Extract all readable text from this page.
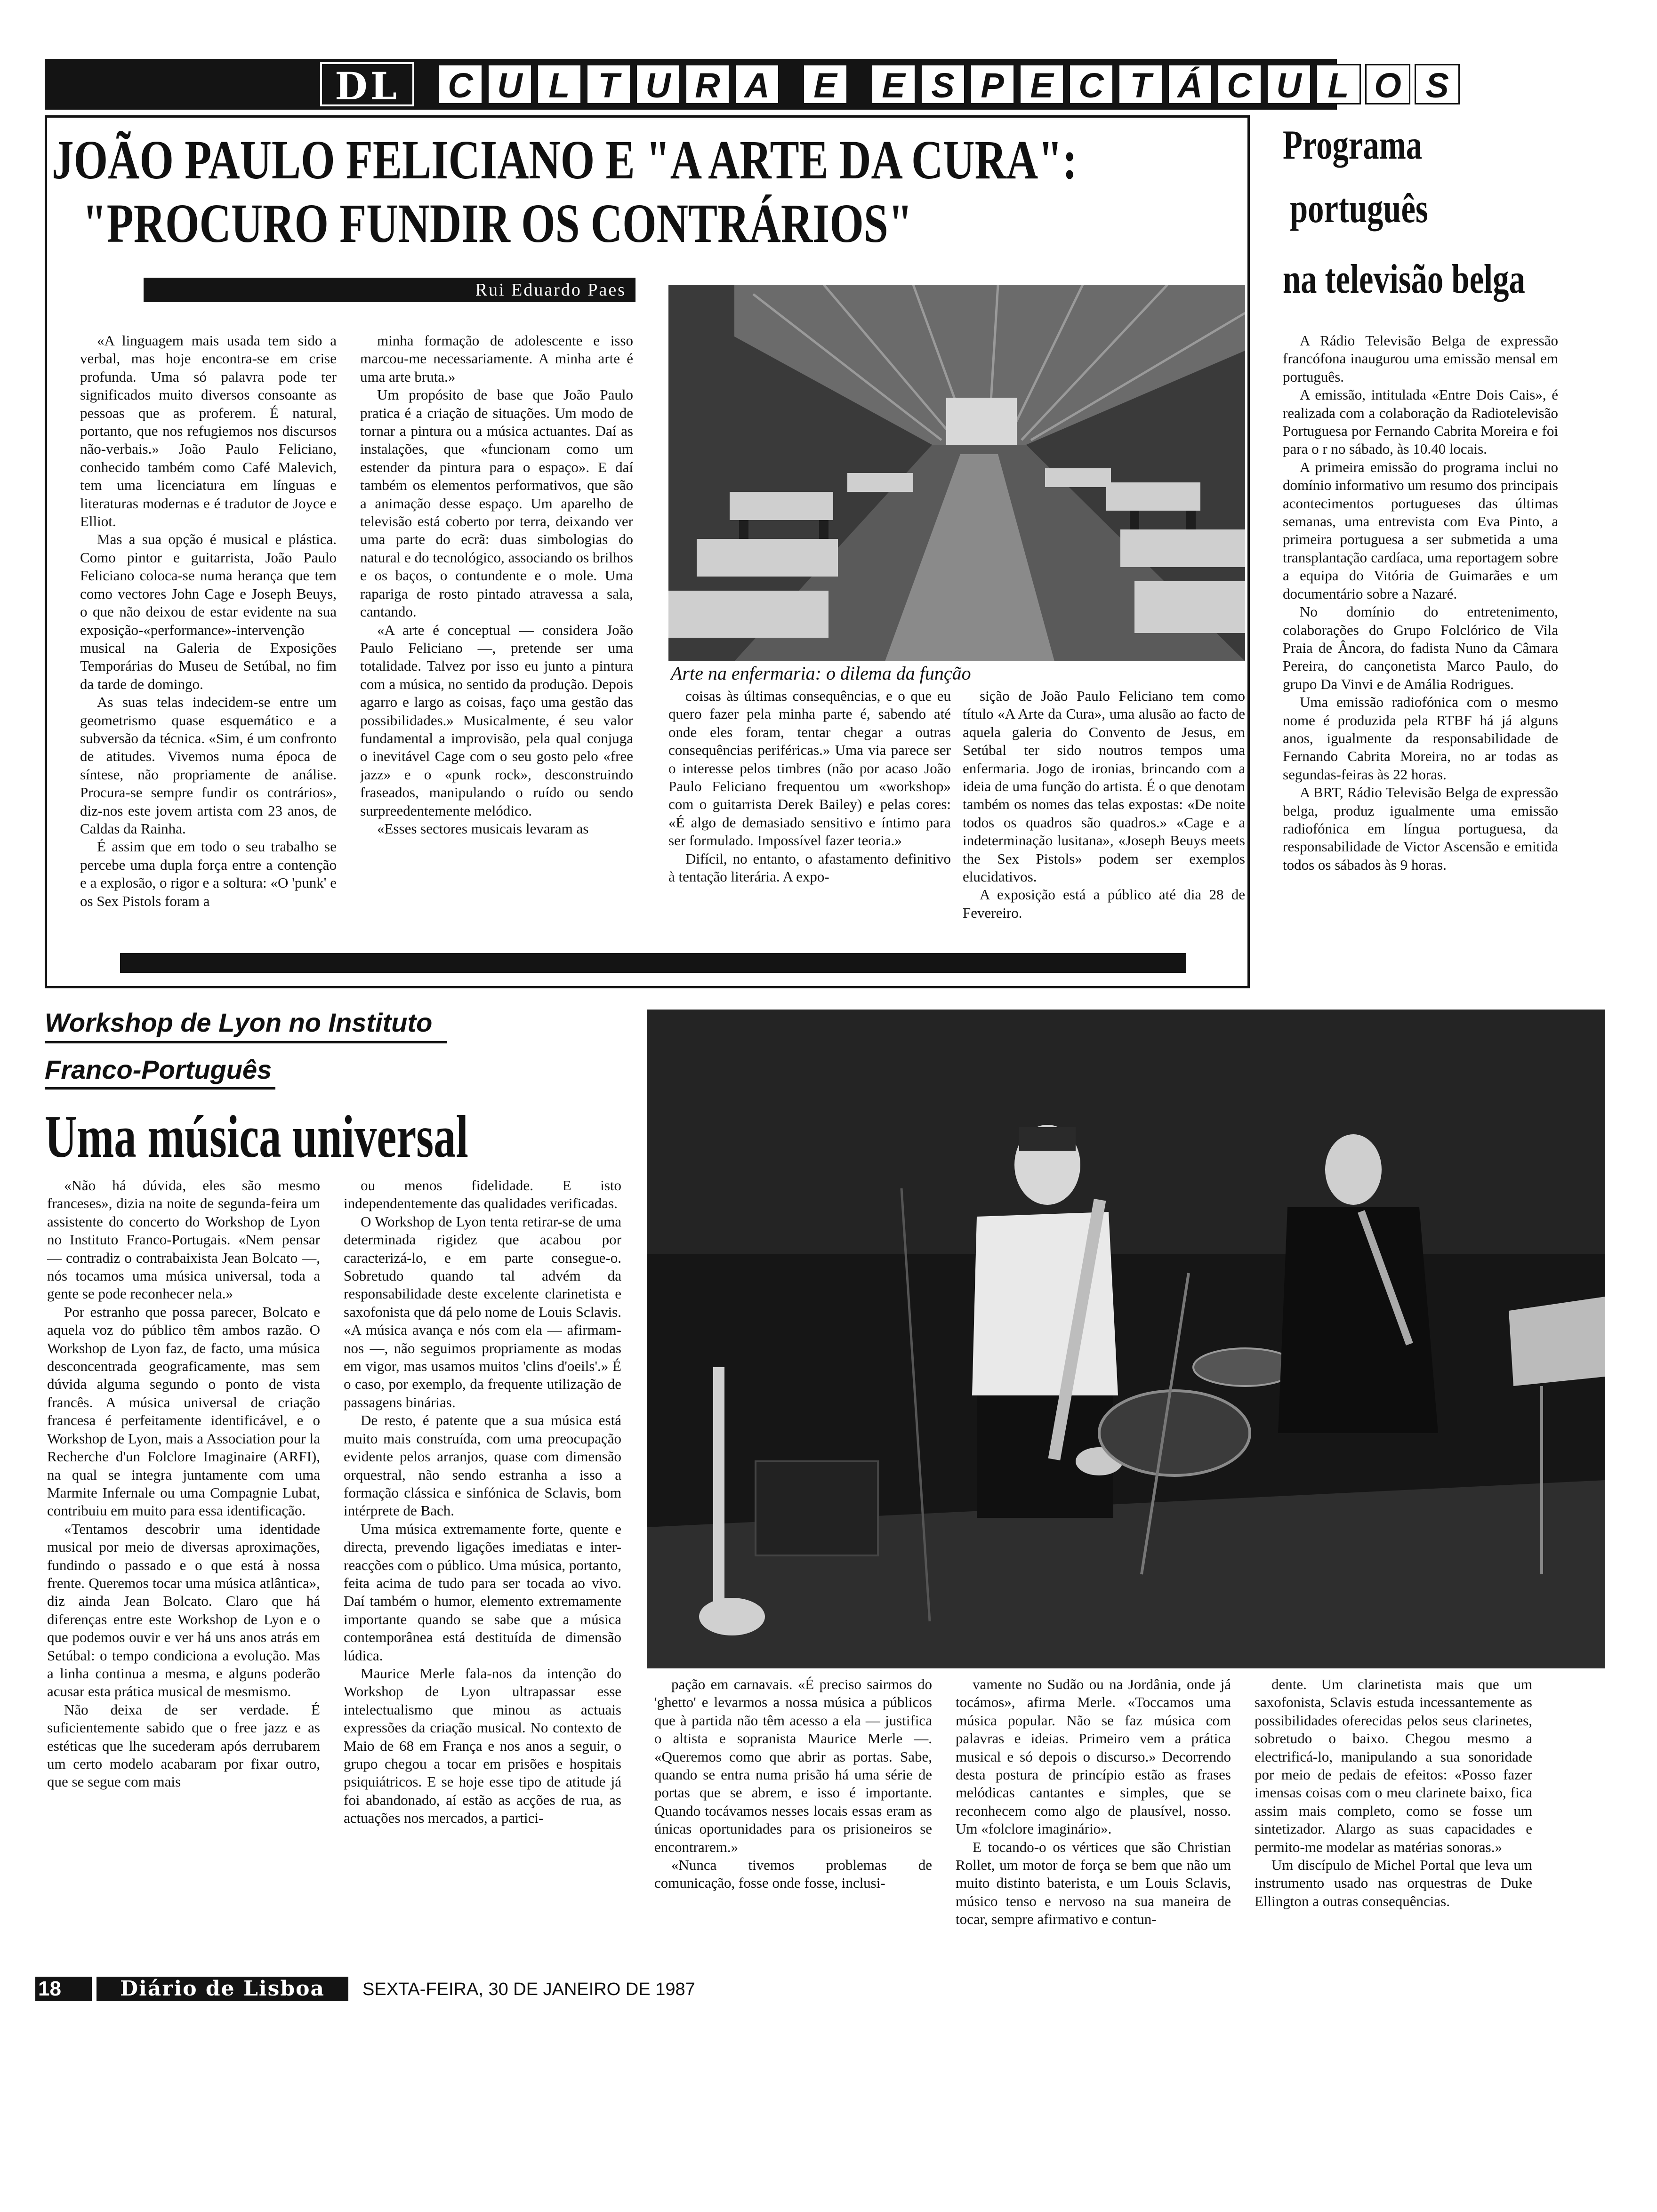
DL	C U L T U R A	E	E S P E C T Á C U L O S
JOÃO PAULO FELICIANO E "A ARTE DA CURA":
"PROCURO FUNDIR OS CONTRÁRIOS"
Rui Eduardo Paes

«A linguagem mais usada tem sido a verbal, mas hoje encontra-se em crise profunda. Uma só palavra pode ter significados muito diversos consoante as pessoas que as proferem. É natural, portanto, que nos refugiemos nos discursos não-verbais.» João Paulo Feliciano, conhecido também como Café Malevich, tem uma licenciatura em línguas e literaturas modernas e é tradutor de Joyce e Elliot.

Mas a sua opção é musical e plástica. Como pintor e guitarrista, João Paulo Feliciano coloca-se numa herança que tem como vectores John Cage e Joseph Beuys, o que não deixou de estar evidente na sua exposição-«performance»-intervenção musical na Galeria de Exposições Temporárias do Museu de Setúbal, no fim da tarde de domingo.

As suas telas indecidem-se entre um geometrismo quase esquemático e a subversão da técnica. «Sim, é um confronto de atitudes. Vivemos numa época de síntese, não propriamente de análise. Procura-se sempre fundir os contrários», diz-nos este jovem artista com 23 anos, de Caldas da Rainha.

É assim que em todo o seu trabalho se percebe uma dupla força entre a contenção e a explosão, o rigor e a soltura: «O 'punk' e os Sex Pistols foram a

minha formação de adolescente e isso marcou-me necessariamente. A minha arte é uma arte bruta.»

Um propósito de base que João Paulo pratica é a criação de situações. Um modo de tornar a pintura ou a música actuantes. Daí as instalações, que «funcionam como um estender da pintura para o espaço». E daí também os elementos performativos, que são a animação desse espaço. Um aparelho de televisão está coberto por terra, deixando ver uma parte do ecrã: duas simbologias do natural e do tecnológico, associando os brilhos e os baços, o contundente e o mole. Uma rapariga de rosto pintado atravessa a sala, cantando.

«A arte é conceptual — considera João Paulo Feliciano —, pretende ser uma totalidade. Talvez por isso eu junto a pintura com a música, no sentido da produção. Depois agarro e largo as coisas, faço uma gestão das possibilidades.» Musicalmente, é seu valor fundamental a improvisão, pela qual conjuga o inevitável Cage com o seu gosto pelo «free jazz» e o «punk rock», desconstruindo fraseados, manipulando o ruído ou sendo surpreedentemente melódico.

«Esses sectores musicais levaram as

Arte na enfermaria: o dilema da função

coisas às últimas consequências, e o que eu quero fazer pela minha parte é, sabendo até onde eles foram, tentar chegar a outras consequências periféricas.» Uma via parece ser o interesse pelos timbres (não por acaso João Paulo Feliciano frequentou um «workshop» com o guitarrista Derek Bailey) e pelas cores: «É algo de demasiado sensitivo e íntimo para ser formulado. Impossível fazer teoria.»

Difícil, no entanto, o afastamento definitivo à tentação literária. A expo-

sição de João Paulo Feliciano tem como título «A Arte da Cura», uma alusão ao facto de aquela galeria do Convento de Jesus, em Setúbal ter sido noutros tempos uma enfermaria. Jogo de ironias, brincando com a ideia de uma função do artista. É o que denotam também os nomes das telas expostas: «De noite todos os quadros são quadros.» «Cage e a indeterminação lusitana», «Joseph Beuys meets the Sex Pistols» podem ser exemplos elucidativos.

A exposição está a público até dia 28 de Fevereiro.

Programa
português
na televisão belga

A Rádio Televisão Belga de expressão francófona inaugurou uma emissão mensal em português.

A emissão, intitulada «Entre Dois Cais», é realizada com a colaboração da Radiotelevisão Portuguesa por Fernando Cabrita Moreira e foi para o r no sábado, às 10.40 locais.

A primeira emissão do programa inclui no domínio informativo um resumo dos principais acontecimentos portugueses das últimas semanas, uma entrevista com Eva Pinto, a primeira portuguesa a ser submetida a uma transplantação cardíaca, uma reportagem sobre a equipa do Vitória de Guimarães e um documentário sobre a Nazaré.

No domínio do entretenimento, colaborações do Grupo Folclórico de Vila Praia de Âncora, do fadista Nuno da Câmara Pereira, do cançonetista Marco Paulo, do grupo Da Vinvi e de Amália Rodrigues.

Uma emissão radiofónica com o mesmo nome é produzida pela RTBF há já alguns anos, igualmente da responsabilidade de Fernando Cabrita Moreira, no ar todas as segundas-feiras às 22 horas.

A BRT, Rádio Televisão Belga de expressão belga, produz igualmente uma emissão radiofónica em língua portuguesa, da responsabilidade de Victor Ascensão e emitida todos os sábados às 9 horas.

Workshop de Lyon no Instituto
Franco-Português
Uma música universal

«Não há dúvida, eles são mesmo franceses», dizia na noite de segunda-feira um assistente do concerto do Workshop de Lyon no Instituto Franco-Portugais. «Nem pensar — contradiz o contrabaixista Jean Bolcato —, nós tocamos uma música universal, toda a gente se pode reconhecer nela.»

Por estranho que possa parecer, Bolcato e aquela voz do público têm ambos razão. O Workshop de Lyon faz, de facto, uma música desconcentrada geograficamente, mas sem dúvida alguma segundo o ponto de vista francês. A música universal de criação francesa é perfeitamente identificável, e o Workshop de Lyon, mais a Association pour la Recherche d'un Folclore Imaginaire (ARFI), na qual se integra juntamente com uma Marmite Infernale ou uma Compagnie Lubat, contribuiu em muito para essa identificação.

«Tentamos descobrir uma identidade musical por meio de diversas aproximações, fundindo o passado e o que está à nossa frente. Queremos tocar uma música atlântica», diz ainda Jean Bolcato. Claro que há diferenças entre este Workshop de Lyon e o que podemos ouvir e ver há uns anos atrás em Setúbal: o tempo condiciona a evolução. Mas a linha continua a mesma, e alguns poderão acusar esta prática musical de mesmismo.

Não deixa de ser verdade. É suficientemente sabido que o free jazz e as estéticas que lhe sucederam após derrubarem um certo modelo acabaram por fixar outro, que se segue com mais

ou menos fidelidade. E isto independentemente das qualidades verificadas.

O Workshop de Lyon tenta retirar-se de uma determinada rigidez que acabou por caracterizá-lo, e em parte consegue-o. Sobretudo quando tal advém da responsabilidade deste excelente clarinetista e saxofonista que dá pelo nome de Louis Sclavis. «A música avança e nós com ela — afirmam-nos —, não seguimos propriamente as modas em vigor, mas usamos muitos 'clins d'oeils'.» É o caso, por exemplo, da frequente utilização de passagens binárias.

De resto, é patente que a sua música está muito mais construída, com uma preocupação evidente pelos arranjos, quase com dimensão orquestral, não sendo estranha a isso a formação clássica e sinfónica de Sclavis, bom intérprete de Bach.

Uma música extremamente forte, quente e directa, prevendo ligações imediatas e inter-reacções com o público. Uma música, portanto, feita acima de tudo para ser tocada ao vivo. Daí também o humor, elemento extremamente importante quando se sabe que a música contemporânea está destituída de dimensão lúdica.

Maurice Merle fala-nos da intenção do Workshop de Lyon ultrapassar esse intelectualismo que minou as actuais expressões da criação musical. No contexto de Maio de 68 em França e nos anos a seguir, o grupo chegou a tocar em prisões e hospitais psiquiátricos. E se hoje esse tipo de atitude já foi abandonado, aí estão as acções de rua, as actuações nos mercados, a partici-

pação em carnavais. «É preciso sairmos do 'ghetto' e levarmos a nossa música a públicos que à partida não têm acesso a ela — justifica o altista e sopranista Maurice Merle —. «Queremos como que abrir as portas. Sabe, quando se entra numa prisão há uma série de portas que se abrem, e isso é importante. Quando tocávamos nesses locais essas eram as únicas oportunidades para os prisioneiros se encontrarem.»

«Nunca tivemos problemas de comunicação, fosse onde fosse, inclusi-

vamente no Sudão ou na Jordânia, onde já tocámos», afirma Merle. «Toccamos uma música popular. Não se faz música com palavras e ideias. Primeiro vem a prática musical e só depois o discurso.» Decorrendo desta postura de princípio estão as frases melódicas cantantes e simples, que se reconhecem como algo de plausível, nosso. Um «folclore imaginário».

E tocando-o os vértices que são Christian Rollet, um motor de força se bem que não um muito distinto baterista, e um Louis Sclavis, músico tenso e nervoso na sua maneira de tocar, sempre afirmativo e contun-

dente. Um clarinetista mais que um saxofonista, Sclavis estuda incessantemente as possibilidades oferecidas pelos seus clarinetes, sobretudo o baixo. Chegou mesmo a electrificá-lo, manipulando a sua sonoridade por meio de pedais de efeitos: «Posso fazer imensas coisas com o meu clarinete baixo, fica assim mais completo, como se fosse um sintetizador. Alargo as suas capacidades e permito-me modelar as matérias sonoras.»

Um discípulo de Michel Portal que leva um instrumento usado nas orquestras de Duke Ellington a outras consequências.

18	Diário de Lisboa	SEXTA-FEIRA, 30 DE JANEIRO DE 1987
